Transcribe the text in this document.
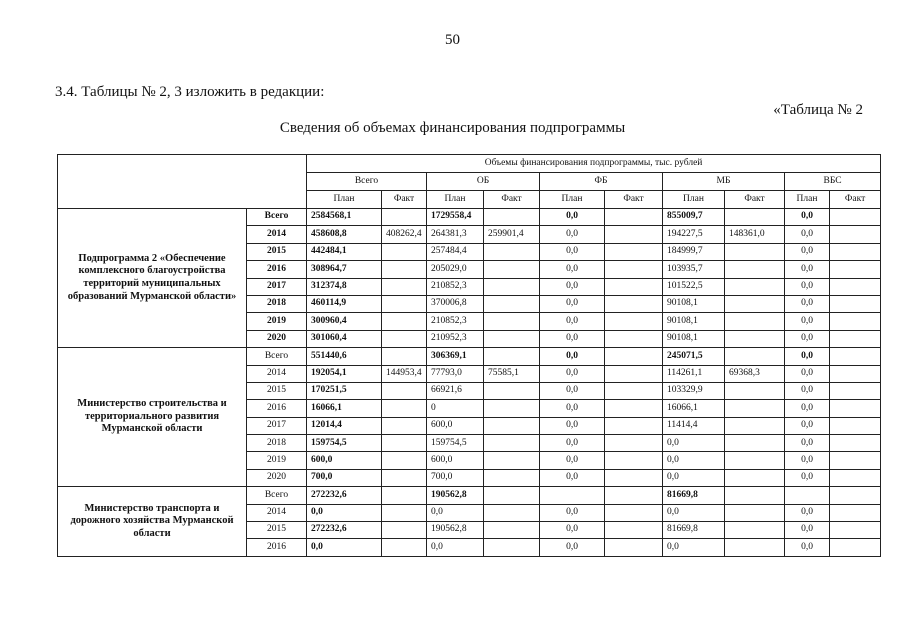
50
3.4. Таблицы № 2, 3 изложить в редакции:
«Таблица № 2
Сведения об объемах финансирования подпрограммы
		Объемы финансирования подпрограммы, тыс. рублей									
		Всего		ОБ		ФБ		МБ		ВБС	
		План	Факт	План	Факт	План	Факт	План	Факт	План	Факт
Подпрограмма 2 «Обеспечение комплексного благоустройства территорий муниципальных образований Мурманской области»	Всего	2584568,1		1729558,4		0,0		855009,7		0,0	
	2014	458608,8	408262,4	264381,3	259901,4	0,0		194227,5	148361,0	0,0	
	2015	442484,1		257484,4		0,0		184999,7		0,0	
	2016	308964,7		205029,0		0,0		103935,7		0,0	
	2017	312374,8		210852,3		0,0		101522,5		0,0	
	2018	460114,9		370006,8		0,0		90108,1		0,0	
	2019	300960,4		210852,3		0,0		90108,1		0,0	
	2020	301060,4		210952,3		0,0		90108,1		0,0	
Министерство строительства и территориального развития Мурманской области	Всего	551440,6		306369,1		0,0		245071,5		0,0	
	2014	192054,1	144953,4	77793,0	75585,1	0,0		114261,1	69368,3	0,0	
	2015	170251,5		66921,6		0,0		103329,9		0,0	
	2016	16066,1		0		0,0		16066,1		0,0	
	2017	12014,4		600,0		0,0		11414,4		0,0	
	2018	159754,5		159754,5		0,0		0,0		0,0	
	2019	600,0		600,0		0,0		0,0		0,0	
	2020	700,0		700,0		0,0		0,0		0,0	
Министерство транспорта и дорожного хозяйства Мурманской области	Всего	272232,6		190562,8				81669,8			
	2014	0,0		0,0		0,0		0,0		0,0	
	2015	272232,6		190562,8		0,0		81669,8		0,0	
	2016	0,0		0,0		0,0		0,0		0,0	
